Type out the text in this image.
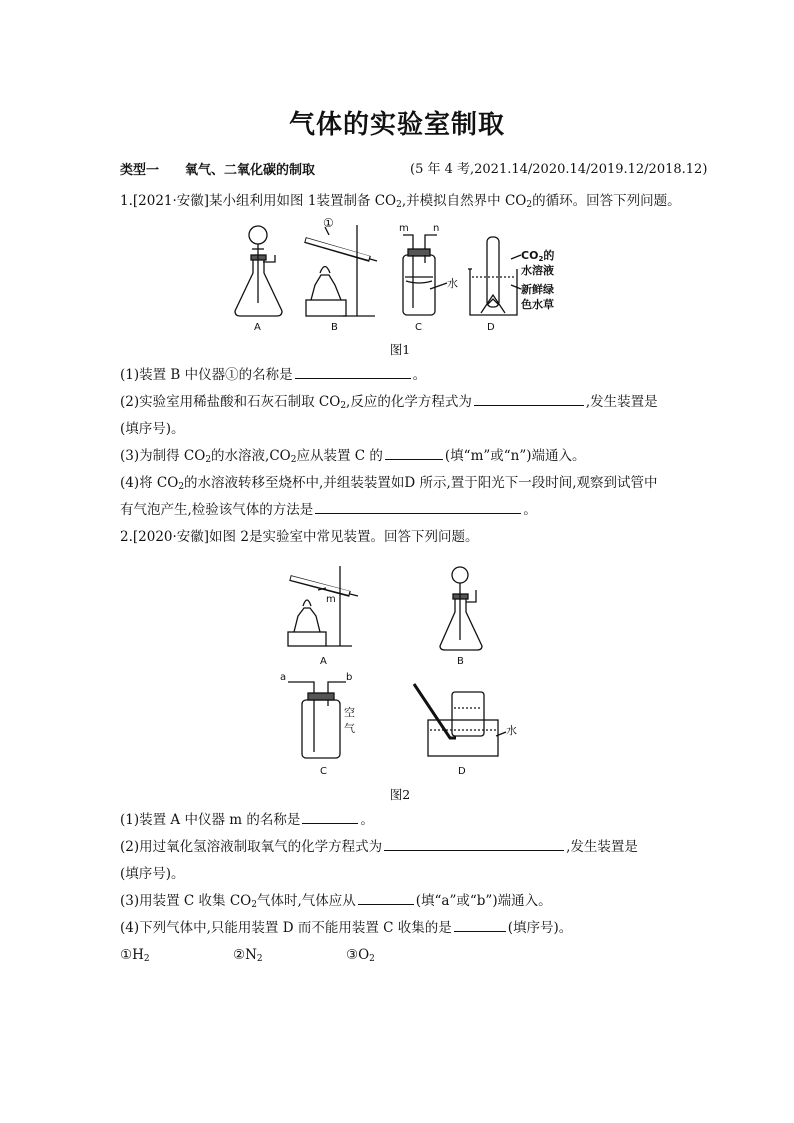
气体的实验室制取
类型一　　氧气、二氧化碳的制取	(5 年 4 考,2021.14/2020.14/2019.12/2018.12)
1.[2021·安徽]某小组利用如图 1装置制备 $CO_2$,并模拟自然界中 $CO_2$的循环。回答下列问题。
①	m n
水
CO2的
水溶液
新鲜绿
色水草
A	B	C	D
图1
(1)装置 B 中仪器①的名称是	。
(2)实验室用稀盐酸和石灰石制取 $CO_2$,反应的化学方程式为	,发生装置是
(填序号)。
(3)为制得 $CO_2$的水溶液$,CO_2$应从装置 C 的	(填“m”或“n”)端通入。
(4)将 $CO_2$的水溶液转移至烧杯中,并组装装置如D 所示,置于阳光下一段时间,观察到试管中
有气泡产生,检验该气体的方法是	。
2.[2020·安徽]如图 2是实验室中常见装置。回答下列问题。
m
a	b
空
气	水
A	B
C	D
图2
(1)装置 A 中仪器 m 的名称是	。
(2)用过氧化氢溶液制取氧气的化学方程式为	,发生装置是
(填序号)。
(3)用装置 C 收集 $CO_2$气体时,气体应从	(填“a”或“b”)端通入。
(4)下列气体中,只能用装置 D 而不能用装置 C 收集的是	(填序号)。
$①H_2$	$②N_2$	$③O_2$
